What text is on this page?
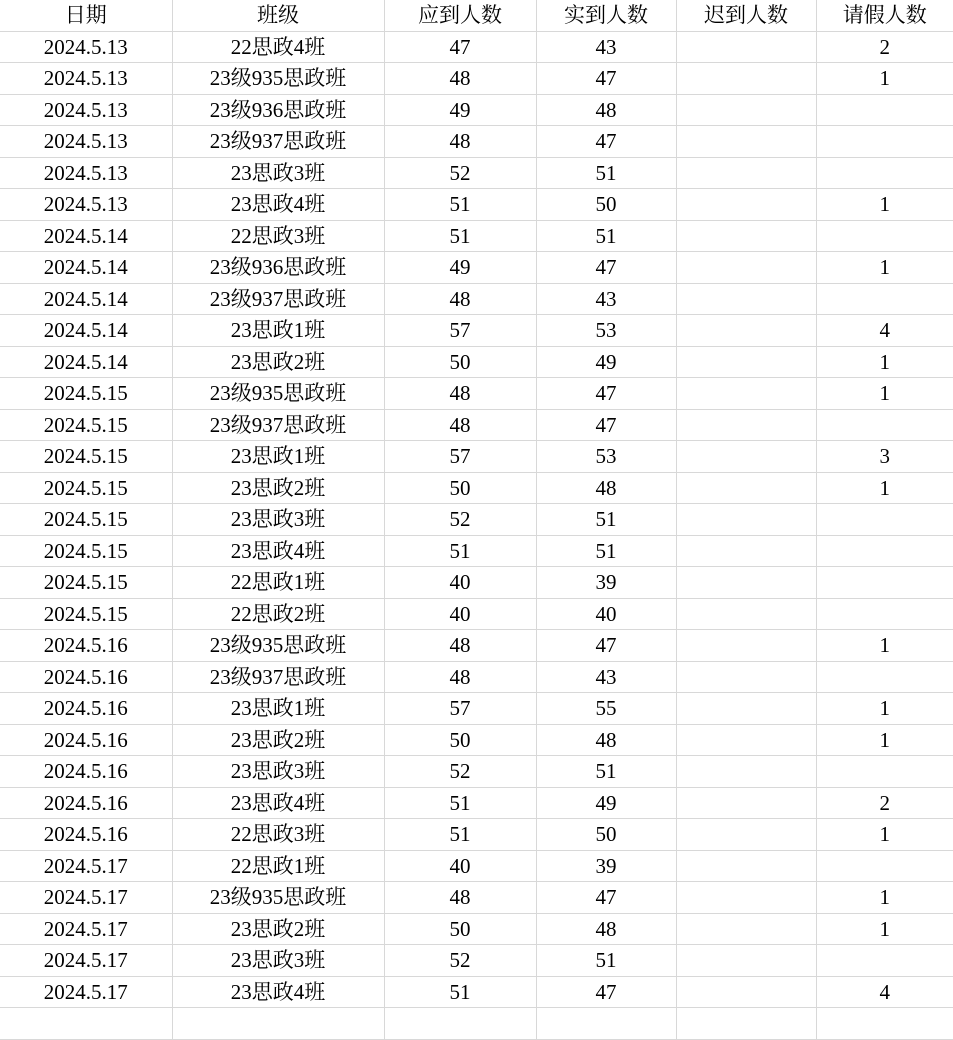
日期	班级	应到人数	实到人数	迟到人数	请假人数
2024.5.13	22思政4班	47	43		2
2024.5.13	23级935思政班	48	47		1
2024.5.13	23级936思政班	49	48		
2024.5.13	23级937思政班	48	47		
2024.5.13	23思政3班	52	51		
2024.5.13	23思政4班	51	50		1
2024.5.14	22思政3班	51	51		
2024.5.14	23级936思政班	49	47		1
2024.5.14	23级937思政班	48	43		
2024.5.14	23思政1班	57	53		4
2024.5.14	23思政2班	50	49		1
2024.5.15	23级935思政班	48	47		1
2024.5.15	23级937思政班	48	47		
2024.5.15	23思政1班	57	53		3
2024.5.15	23思政2班	50	48		1
2024.5.15	23思政3班	52	51		
2024.5.15	23思政4班	51	51		
2024.5.15	22思政1班	40	39		
2024.5.15	22思政2班	40	40		
2024.5.16	23级935思政班	48	47		1
2024.5.16	23级937思政班	48	43		
2024.5.16	23思政1班	57	55		1
2024.5.16	23思政2班	50	48		1
2024.5.16	23思政3班	52	51		
2024.5.16	23思政4班	51	49		2
2024.5.16	22思政3班	51	50		1
2024.5.17	22思政1班	40	39		
2024.5.17	23级935思政班	48	47		1
2024.5.17	23思政2班	50	48		1
2024.5.17	23思政3班	52	51		
2024.5.17	23思政4班	51	47		4
